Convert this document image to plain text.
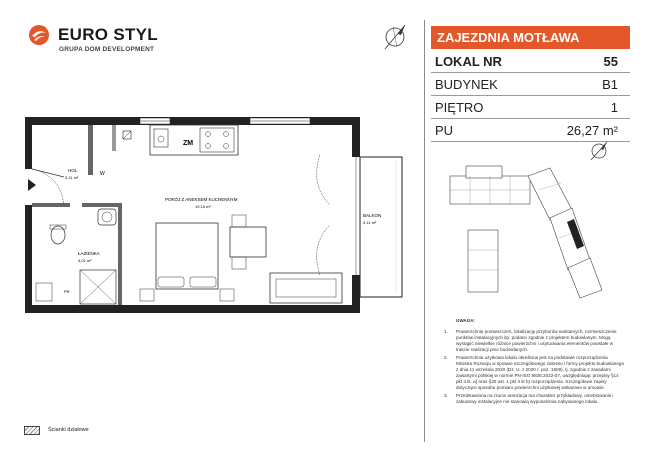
EURO STYL
GRUPA DOM DEVELOPMENT
ZM
W
HOL
3,11 m²
ŁAZIENKA
4,01 m²
POKÓJ Z ANEKSEM KUCHENNYM
19,15 m²
BALKON
3,11 m²
PR
Ścianki działowe
ZAJEZDNIA MOTŁAWA
LOKAL NR	55
BUDYNEK	B1
PIĘTRO	1
PU	26,27 m²
UWAGA:
1. Powierzchnię pomieszczeń, lokalizację przyborów sanitarnych, rozmieszczenie punktów instalacyjnych itp. podano zgodnie z projektem budowlanym. Mogą wystąpić niewielkie różnice powierzchni i usytuowania elementów powstałe w trakcie realizacji prac budowlanych.
2. Powierzchnia użytkowa lokalu określona jest na podstawie rozporządzenia Ministra Rozwoju w sprawie szczegółowego zakresu i formy projektu budowlanego z dnia 11 września 2020 (Dz. U. z 2020 r. poz. 1609), tj. zgodnie z zasadami zawartymi polskiej w normie PN-ISO 9836:2022-07, uwzględniając przepisy §14 pkt 4 lit. a) oraz §20 ust. 1 pkt 4 lit b) rozporządzenia. Szczegółowe zapisy dotyczące sposobu pomiaru powierzchni użytkowej wskazane w umowie.
3. Przedstawiona na rzucie aranżacja ma charakter przykładowy, umeblowanie i zabudowy instalacyjne nie stanowią wyposażenia nabywanego lokalu.
